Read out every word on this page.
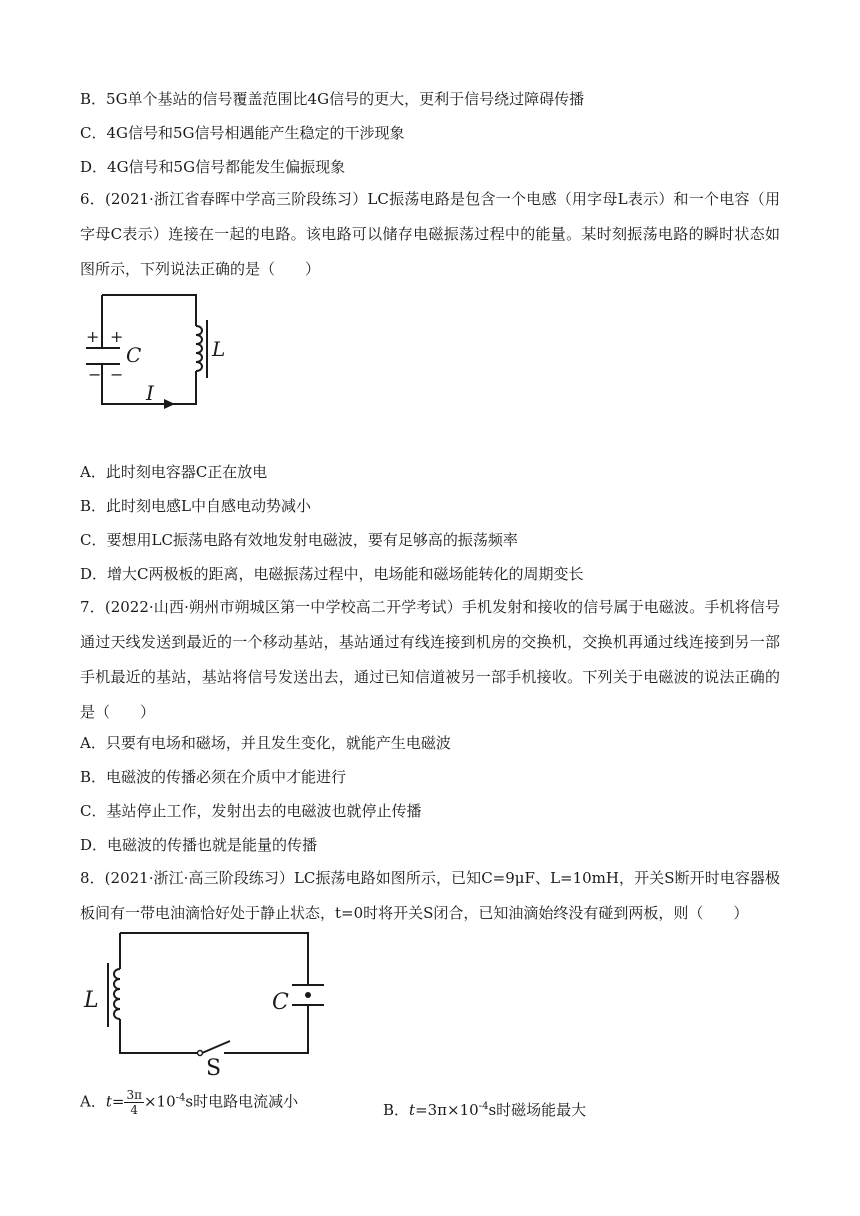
B．5G单个基站的信号覆盖范围比4G信号的更大，更利于信号绕过障碍传播
C．4G信号和5G信号相遇能产生稳定的干涉现象
D．4G信号和5G信号都能发生偏振现象
6．(2021·浙江省春晖中学高三阶段练习）LC振荡电路是包含一个电感（用字母L表示）和一个电容（用字母C表示）连接在一起的电路。该电路可以储存电磁振荡过程中的能量。某时刻振荡电路的瞬时状态如图所示，下列说法正确的是（　　）
+ +
− −
C	L
I
A．此时刻电容器C正在放电
B．此时刻电感L中自感电动势减小
C．要想用LC振荡电路有效地发射电磁波，要有足够高的振荡频率
D．增大C两极板的距离，电磁振荡过程中，电场能和磁场能转化的周期变长
7．(2022·山西·朔州市朔城区第一中学校高二开学考试）手机发射和接收的信号属于电磁波。手机将信号通过天线发送到最近的一个移动基站，基站通过有线连接到机房的交换机，交换机再通过线连接到另一部手机最近的基站，基站将信号发送出去，通过已知信道被另一部手机接收。下列关于电磁波的说法正确的是（　　）
A．只要有电场和磁场，并且发生变化，就能产生电磁波
B．电磁波的传播必须在介质中才能进行
C．基站停止工作，发射出去的电磁波也就停止传播
D．电磁波的传播也就是能量的传播
8．(2021·浙江·高三阶段练习）LC振荡电路如图所示，已知C=9μF、L=10mH，开关S断开时电容器极板间有一带电油滴恰好处于静止状态，t=0时将开关S闭合，已知油滴始终没有碰到两板，则（　　）
L	C
S
A．$t= \frac{3\pi}{4} \times 10^{-4}s$时电路电流减小	B．$t=3\pi\times 10^{-4}s$时磁场能最大
